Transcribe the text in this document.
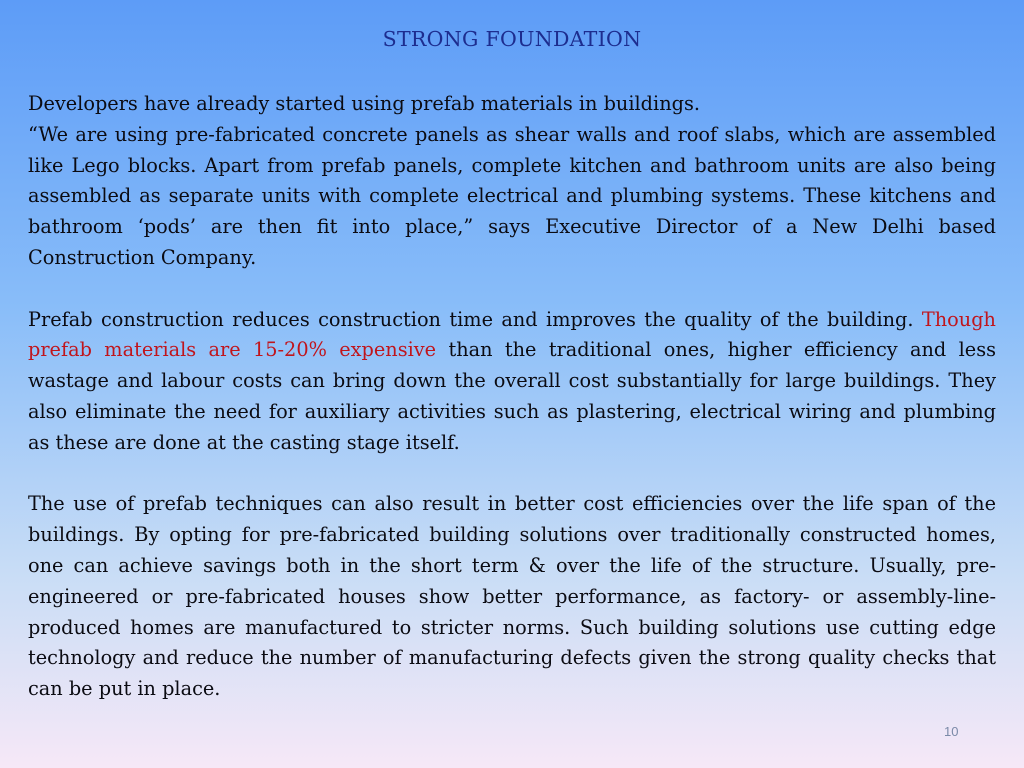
STRONG FOUNDATION

Developers have already started using prefab materials in buildings.

“We are using pre-fabricated concrete panels as shear walls and roof slabs, which are assembled like Lego blocks. Apart from prefab panels, complete kitchen and bathroom units are also being assembled as separate units with complete electrical and plumbing systems. These kitchens and bathroom ‘pods’ are then fit into place,” says Executive Director of a New Delhi based Construction Company.

Prefab construction reduces construction time and improves the quality of the building. Though prefab materials are 15-20% expensive than the traditional ones, higher efficiency and less wastage and labour costs can bring down the overall cost substantially for large buildings. They also eliminate the need for auxiliary activities such as plastering, electrical wiring and plumbing as these are done at the casting stage itself.

The use of prefab techniques can also result in better cost efficiencies over the life span of the buildings. By opting for pre-fabricated building solutions over traditionally constructed homes, one can achieve savings both in the short term & over the life of the structure. Usually, pre-engineered or pre-fabricated houses show better performance, as factory- or assembly-line- produced homes are manufactured to stricter norms. Such building solutions use cutting edge technology and reduce the number of manufacturing defects given the strong quality checks that can be put in place.

10
